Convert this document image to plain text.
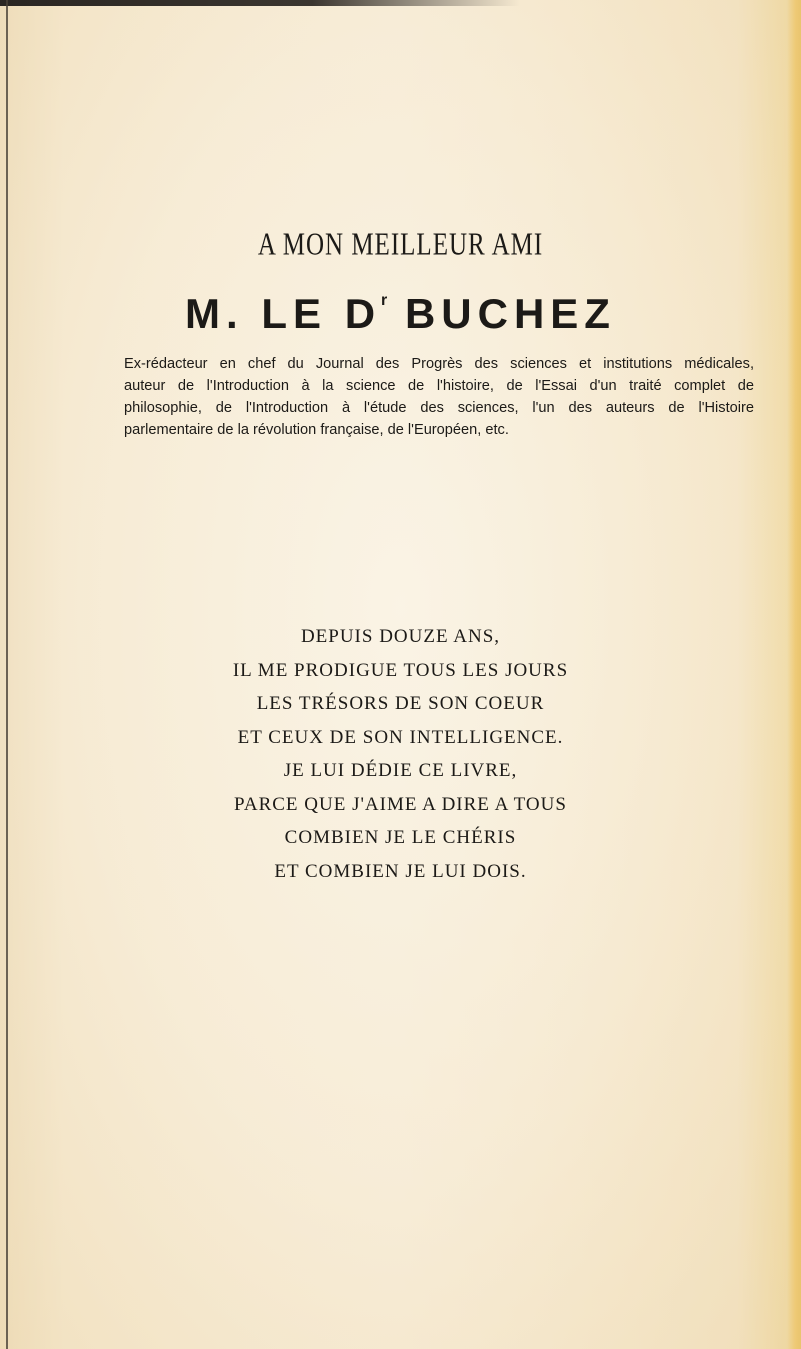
A MON MEILLEUR AMI
M. LE $D^r$ BUCHEZ

Ex-rédacteur en chef du Journal des Progrès des sciences et institutions médicales,
auteur de l'Introduction à la science de l'histoire, de l'Essai d'un traité complet de
philosophie, de l'Introduction à l'étude des sciences, l'un des auteurs de l'Histoire
parlementaire de la révolution française, de l'Européen, etc.

DEPUIS DOUZE ANS,
IL ME PRODIGUE TOUS LES JOURS
LES TRÉSORS DE SON COEUR
ET CEUX DE SON INTELLIGENCE.
JE LUI DÉDIE CE LIVRE,
PARCE QUE J'AIME A DIRE A TOUS
COMBIEN JE LE CHÉRIS
ET COMBIEN JE LUI DOIS.
